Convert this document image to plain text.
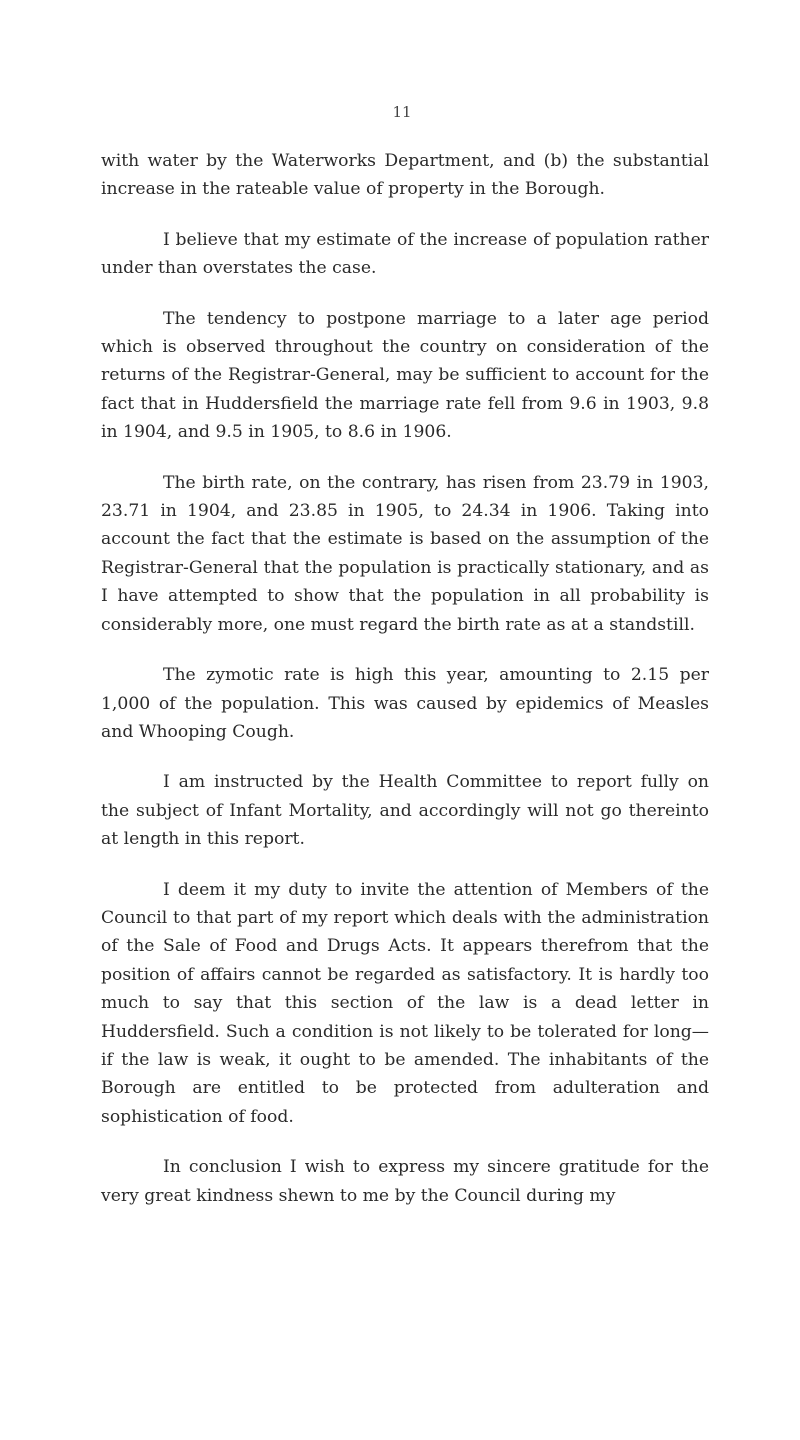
11

with water by the Waterworks Department, and (b) the substantial increase in the rateable value of property in the Borough.

I believe that my estimate of the increase of population rather under than overstates the case.

The tendency to postpone marriage to a later age period which is observed throughout the country on consideration of the returns of the Registrar-General, may be sufficient to account for the fact that in Huddersfield the marriage rate fell from 9.6 in 1903, 9.8 in 1904, and 9.5 in 1905, to 8.6 in 1906.

The birth rate, on the contrary, has risen from 23.79 in 1903, 23.71 in 1904, and 23.85 in 1905, to 24.34 in 1906. Taking into account the fact that the estimate is based on the assumption of the Registrar-General that the population is practically stationary, and as I have attempted to show that the population in all probability is considerably more, one must regard the birth rate as at a standstill.

The zymotic rate is high this year, amounting to 2.15 per 1,000 of the population. This was caused by epidemics of Measles and Whooping Cough.

I am instructed by the Health Committee to report fully on the subject of Infant Mortality, and accordingly will not go thereinto at length in this report.

I deem it my duty to invite the attention of Members of the Council to that part of my report which deals with the administration of the Sale of Food and Drugs Acts. It appears therefrom that the position of affairs cannot be regarded as satisfactory. It is hardly too much to say that this section of the law is a dead letter in Huddersfield. Such a condition is not likely to be tolerated for long—if the law is weak, it ought to be amended. The inhabitants of the Borough are entitled to be protected from adulteration and sophistication of food.

In conclusion I wish to express my sincere gratitude for the very great kindness shewn to me by the Council during my
